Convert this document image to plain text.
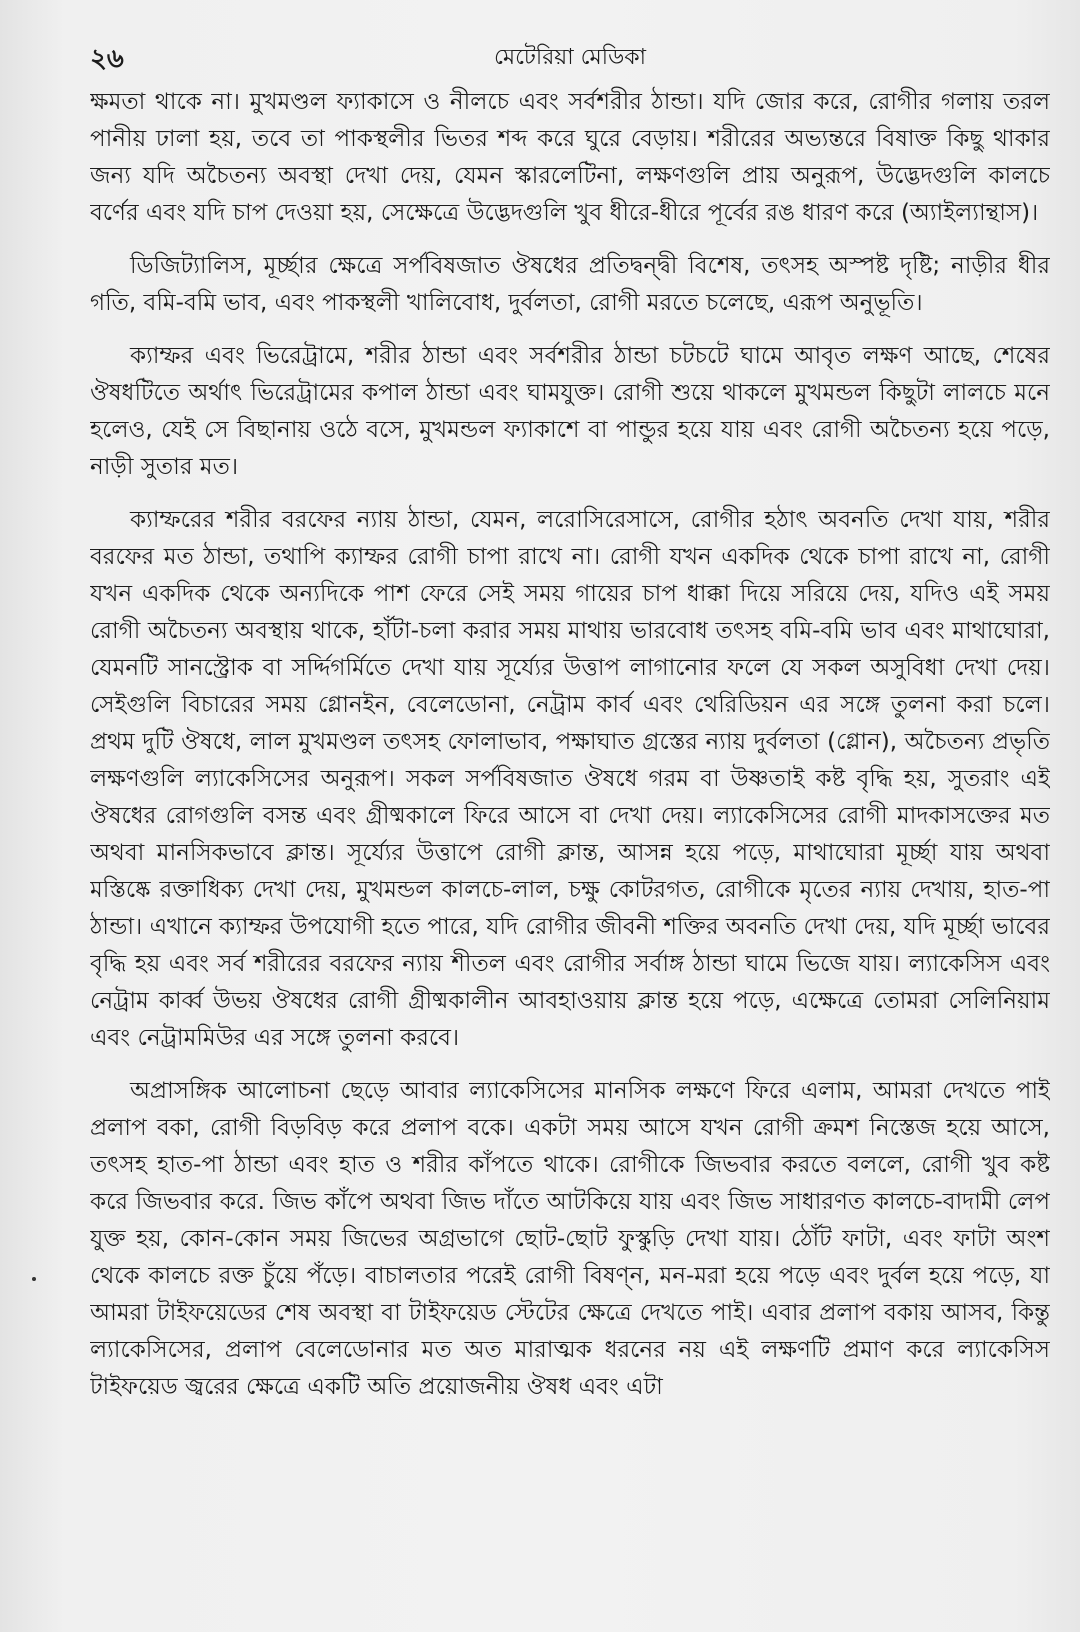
২৬	মেটেরিয়া মেডিকা

ক্ষমতা থাকে না। মুখমণ্ডল ফ্যাকাসে ও নীলচে এবং সর্বশরীর ঠান্ডা। যদি জোর করে, রোগীর গলায় তরল পানীয় ঢালা হয়, তবে তা পাকস্থলীর ভিতর শব্দ করে ঘুরে বেড়ায়। শরীরের অভ্যন্তরে বিষাক্ত কিছু থাকার জন্য যদি অচৈতন্য অবস্থা দেখা দেয়, যেমন স্কারলেটিনা, লক্ষণগুলি প্রায় অনুরূপ, উদ্ভেদগুলি কালচে বর্ণের এবং যদি চাপ দেওয়া হয়, সেক্ষেত্রে উদ্ভেদগুলি খুব ধীরে-ধীরে পূর্বের রঙ ধারণ করে (অ্যাইল্যান্থাস)।

ডিজিট্যালিস, মূর্চ্ছার ক্ষেত্রে সর্পবিষজাত ঔষধের প্রতিদ্বন্দ্বী বিশেষ, তৎসহ অস্পষ্ট দৃষ্টি; নাড়ীর ধীর গতি, বমি-বমি ভাব, এবং পাকস্থলী খালিবোধ, দুর্বলতা, রোগী মরতে চলেছে, এরূপ অনুভূতি।

ক্যাম্ফর এবং ভিরেট্রামে, শরীর ঠান্ডা এবং সর্বশরীর ঠান্ডা চটচটে ঘামে আবৃত লক্ষণ আছে, শেষের ঔষধটিতে অর্থাৎ ভিরেট্রামের কপাল ঠান্ডা এবং ঘামযুক্ত। রোগী শুয়ে থাকলে মুখমন্ডল কিছুটা লালচে মনে হলেও, যেই সে বিছানায় ওঠে বসে, মুখমন্ডল ফ্যাকাশে বা পান্ডুর হয়ে যায় এবং রোগী অচৈতন্য হয়ে পড়ে, নাড়ী সুতার মত।

ক্যাম্ফরের শরীর বরফের ন্যায় ঠান্ডা, যেমন, লরোসিরেসাসে, রোগীর হঠাৎ অবনতি দেখা যায়, শরীর বরফের মত ঠান্ডা, তথাপি ক্যাম্ফর রোগী চাপা রাখে না। রোগী যখন একদিক থেকে চাপা রাখে না, রোগী যখন একদিক থেকে অন্যদিকে পাশ ফেরে সেই সময় গায়ের চাপ ধাক্কা দিয়ে সরিয়ে দেয়, যদিও এই সময় রোগী অচৈতন্য অবস্থায় থাকে, হাঁটা-চলা করার সময় মাথায় ভারবোধ তৎসহ বমি-বমি ভাব এবং মাথাঘোরা, যেমনটি সানস্ট্রোক বা সর্দ্দিগর্মিতে দেখা যায় সূর্য্যের উত্তাপ লাগানোর ফলে যে সকল অসুবিধা দেখা দেয়। সেইগুলি বিচারের সময় গ্লোনইন, বেলেডোনা, নেট্রাম কার্ব এবং থেরিডিয়ন এর সঙ্গে তুলনা করা চলে। প্রথম দুটি ঔষধে, লাল মুখমণ্ডল তৎসহ ফোলাভাব, পক্ষাঘাত গ্রস্তের ন্যায় দুর্বলতা (গ্লোন), অচৈতন্য প্রভৃতি লক্ষণগুলি ল্যাকেসিসের অনুরূপ। সকল সর্পবিষজাত ঔষধে গরম বা উষ্ণতাই কষ্ট বৃদ্ধি হয়, সুতরাং এই ঔষধের রোগগুলি বসন্ত এবং গ্রীষ্মকালে ফিরে আসে বা দেখা দেয়। ল্যাকেসিসের রোগী মাদকাসক্তের মত অথবা মানসিকভাবে ক্লান্ত। সূর্য্যের উত্তাপে রোগী ক্লান্ত, আসন্ন হয়ে পড়ে, মাথাঘোরা মূর্চ্ছা যায় অথবা মস্তিষ্কে রক্তাধিক্য দেখা দেয়, মুখমন্ডল কালচে-লাল, চক্ষু কোটরগত, রোগীকে মৃতের ন্যায় দেখায়, হাত-পা ঠান্ডা। এখানে ক্যাম্ফর উপযোগী হতে পারে, যদি রোগীর জীবনী শক্তির অবনতি দেখা দেয়, যদি মূর্চ্ছা ভাবের বৃদ্ধি হয় এবং সর্ব শরীরের বরফের ন্যায় শীতল এবং রোগীর সর্বাঙ্গ ঠান্ডা ঘামে ভিজে যায়। ল্যাকেসিস এবং নেট্রাম কার্ব্ব উভয় ঔষধের রোগী গ্রীষ্মকালীন আবহাওয়ায় ক্লান্ত হয়ে পড়ে, এক্ষেত্রে তোমরা সেলিনিয়াম এবং নেট্রামমিউর এর সঙ্গে তুলনা করবে।

অপ্রাসঙ্গিক আলোচনা ছেড়ে আবার ল্যাকেসিসের মানসিক লক্ষণে ফিরে এলাম, আমরা দেখতে পাই প্রলাপ বকা, রোগী বিড়বিড় করে প্রলাপ বকে। একটা সময় আসে যখন রোগী ক্রমশ নিস্তেজ হয়ে আসে, তৎসহ হাত-পা ঠান্ডা এবং হাত ও শরীর কাঁপতে থাকে। রোগীকে জিভবার করতে বললে, রোগী খুব কষ্ট করে জিভবার করে. জিভ কাঁপে অথবা জিভ দাঁতে আটকিয়ে যায় এবং জিভ সাধারণত কালচে-বাদামী লেপ যুক্ত হয়, কোন-কোন সময় জিভের অগ্রভাগে ছোট-ছোট ফুস্কুড়ি দেখা যায়। ঠোঁট ফাটা, এবং ফাটা অংশ থেকে কালচে রক্ত চুঁয়ে পঁড়ে। বাচালতার পরেই রোগী বিষণ্ন, মন-মরা হয়ে পড়ে এবং দুর্বল হয়ে পড়ে, যা আমরা টাইফয়েডের শেষ অবস্থা বা টাইফয়েড স্টেটের ক্ষেত্রে দেখতে পাই। এবার প্রলাপ বকায় আসব, কিন্তু ল্যাকেসিসের, প্রলাপ বেলেডোনার মত অত মারাত্মক ধরনের নয় এই লক্ষণটি প্রমাণ করে ল্যাকেসিস টাইফয়েড জ্বরের ক্ষেত্রে একটি অতি প্রয়োজনীয় ঔষধ এবং এটা
